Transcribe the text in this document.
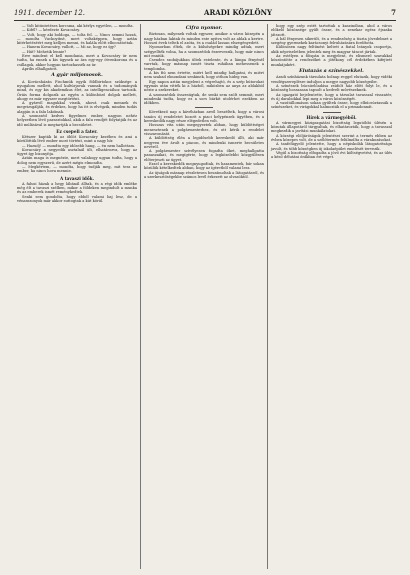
1911. december 12.	ARADI KÖZLÖNY	7

— Volt kitüntetéses korcsma, aki kérlys egyetlen, — mondta.

— Kifél? — kérdezte Kovacsáry.

— Volt, hogy aki boldoga, — tolta fel. — Nincs semmi hozzá, — mondta Vuckoyitné, mert voltaképpen, hogy aztán kitérhetéséért meg kelljen menni, és halála előtt elbocsátottak.

— Hanem Kovacsáry, vallott, — Mi az, hogy ez így?

— Hát? Mehetik lennie?

Erre mindent el kell mondania, mert a Kovacsáry úr nem tudta, ha ennek a kis ügynek az ára egy-egy ötvenkorona és a csillagok, akkor hogyan tartozhassék az úr.

Aprilis elhallgatott.

A gyár miljomosok.

A Kovácsházán Fischmük egyik földbirtokos szüksége a nyugalom mellett, ahol kultúrjavak vannak és a tudományok mind, és egy kis akademikus élet, az intelligenciához tartozik. Óriás forma dolgozik az egyén a különböző dolgok mellett, ahogy ez már egyszer megtörtént.

A gyárról magukkal viszik, ahová csak mennek és megvizsgálják, és érdekes, hogy ha itt is elvégzik, minden tudás alapján is a falu lakóinak.

A szomszéd kedves figyelmes ember, nagyon nehéz helyzetben lévő parasztokkal, akik a falu rendjét folytatják és az idő múlásával is megtartják a becsületet.

Ez csepeli a fater.

Kétszer kapták ki az öblöt Kovacsáry kezében és ami a körülöttük lévő ember most történt, mint a nagy hír.

— Hazudj! — mondta egy idősebb hang, — én nem hallottam.

Kovacsáry a negyedik asztalnál ült, elhatározva, hogy az ügyet így bizonyítja.

Aztán maga is megnézte, mert valahogy ugyan tudta, hogy a dolog nem egyszerű, de azért mégis elmondta.

— Megkértem, — mondta, hogy tudják meg, mit tesz az ember, ha nincs hova mennie.

A tavaszi idők.

A falusi házak a hegy lábánál álltak, és a régi idők emléke még élt a tavaszi szélben, mikor a földeken megindult a munka és az emberek ismét reménykedtek.

Senki sem gondolta, hogy ebből valami baj lesz, de a vénasszonyok már akkor suttogtak a kút körül.

Cifra nyomor.

Biztosan, milyenek voltak egyszer, amikor a város közepén a nagy házban laktak és minden este nyitva volt az ablak a kertre. Hosszú évek teltek el azóta, és a család lassan elszegényedett.

Nyomorban éltek, de a külsőségekre mindig adtak, mert szégyellték volna, ha a szomszédok észreveszik, hogy már nincs mit enniük.

Csendes szobájukban ültek estelente, és a lámpa fényénél varrtak, hogy másnap ismét tiszta ruhában mehessenek a templomba.

A kis fiú nem értette, miért kell mindig hallgatni, és miért nem szabad elmondani senkinek, hogy otthon hideg van.

Egy napon aztán megjelent a végrehajtó, és a szép bútorokat egymás után vitték ki a házból, miközben az anya az ablakból nézte a szekereket.

A szomszédok összesúgtak, de senki sem szólt semmit, mert mindenki tudta, hogy ez a sors bárkit utolérhet ezekben az időkben.

Következő nap a kávéházban arról beszéltek, hogy a városi tanács új rendeletet hozott a piaci helypénzek ügyében, és a kereskedők nagy része elégedetlen volt.

Hosszas vita után megegyeztek abban, hogy küldöttséget menesztenek a polgármesterhez, és ott kérik a rendelet visszavonását.

A küldöttség élén a legidősebb kereskedő állt, aki már negyven éve árult a piacon, és mindenki ismerte becsületes nevéről.

A polgármester szívélyesen fogadta őket, meghallgatta panaszaikat, és megígérte, hogy a legközelebbi közgyűlésen előterjeszti az ügyet.

Ezzel a kereskedők megnyugodtak, és hazamentek, bár sokan közülük kételkedtek abban, hogy az ígéretből valami lesz.

Az újságok másnap részletesen beszámoltak a látogatásról, és a szerkesztőségekbe számos levél érkezett az olvasóktól.

hogy egy szép estét tartottak a kaszinóban, ahol a város előkelő közönsége gyűlt össze, és a zenekar egész éjszaka játszott.

A bál fényesen sikerült, és a rendezőség a tiszta jövedelmet a szegény gyermekek karácsonyi felruházására fordította.

Különösen nagy feltűnést keltett a fiatal leányok csoportja, akik népviseletben jelentek meg és magyar táncot jártak.

Az estélyen a főispán is megjelent, és elismerő szavakkal köszöntötte a rendezőket a jótékony cél érdekében kifejtett munkájukért.

Elutazás a színészekkel.

Aradi színházunk társulata holnap reggel elutazik, hogy vidéki vendégszereplésre induljon a megye nagyobb községeibe.

A színészek búcsúelőadása zsúfolt ház előtt folyt le, és a közönség hosszasan tapsolt a kedvelt művészeknek.

Az igazgató bejelentette, hogy a társulat tavasszal visszatér, és új darabokkal lepi meg a város közönségét.

A vasútállomáson sokan gyűltek össze, hogy elbúcsúztassák a színészeket, és virágokkal halmozták el a primadonnát.

Hírek a vármegyéből.

A vármegyei közigazgatási bizottság legutóbbi ülésén a közutak állapotáról tárgyaltak, és elhatározták, hogy a tavasszal megkezdik a javítási munkálatokat.

A községi elöljáróságok jelentései szerint a termés ebben az évben közepes volt, de a szőlőtermés felülmúlta a várakozásokat.

A tanfelügyelő jelentette, hogy a népiskolák látogatottsága javult, és több községben új iskolaépület emelését tervezik.

Végül a bizottság elfogadta a jövő évi költségvetést, és az ülés a késő délutáni órákban ért véget.
